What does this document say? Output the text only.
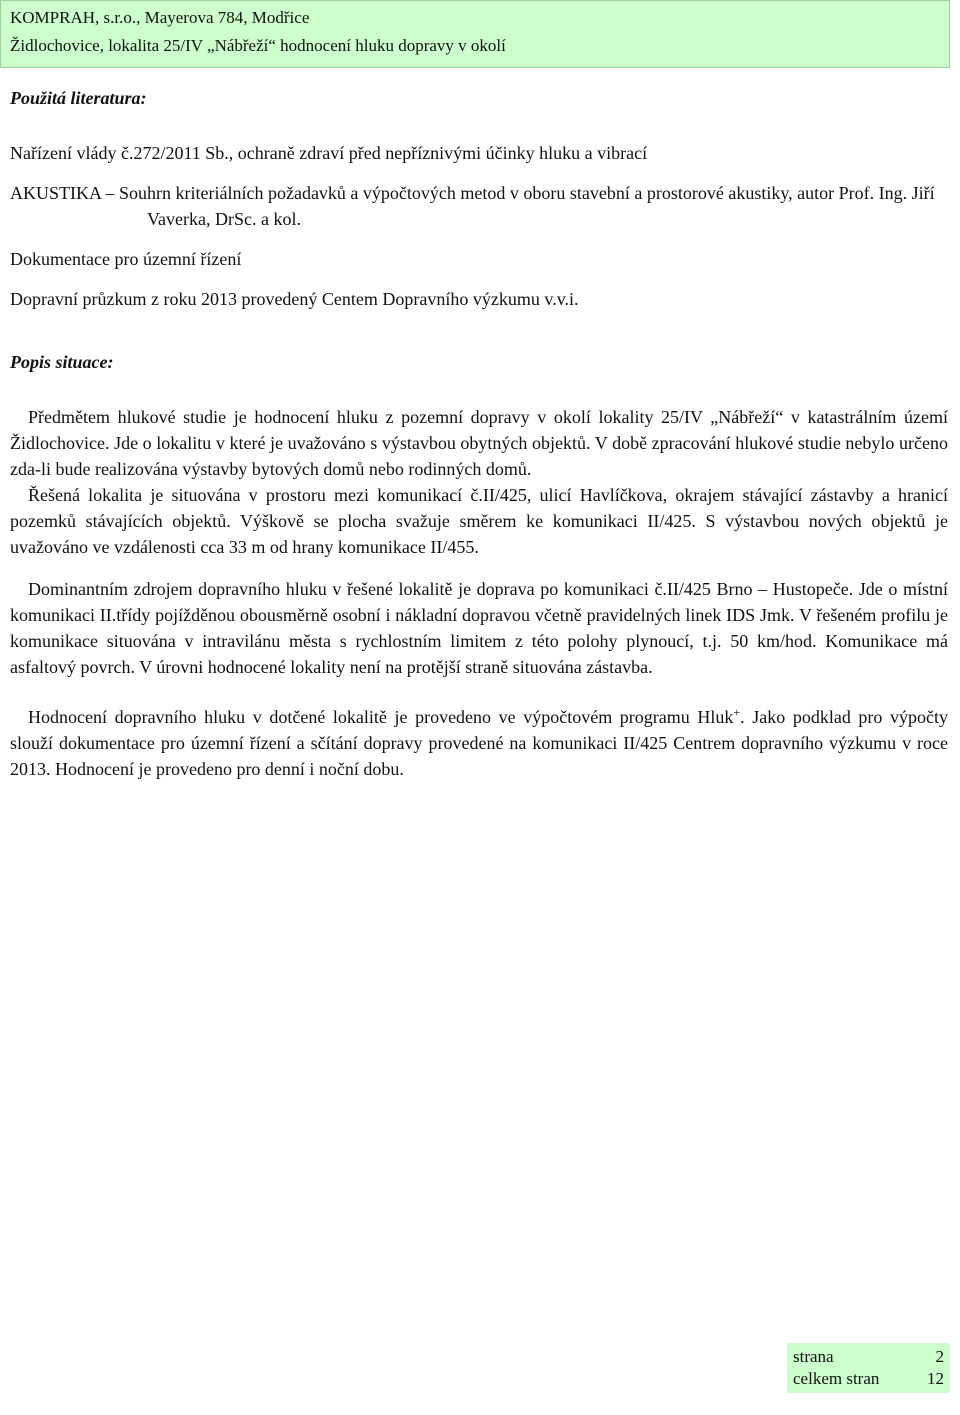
KOMPRAH, s.r.o., Mayerova 784, Modřice
Židlochovice, lokalita 25/IV „Nábřeží“ hodnocení hluku dopravy v okolí

Použitá literatura:

Nařízení vlády č.272/2011 Sb., ochraně zdraví před nepříznivými účinky hluku a vibrací

AKUSTIKA – Souhrn kriteriálních požadavků a výpočtových metod v oboru stavební a prostorové akustiky, autor Prof. Ing. Jiří Vaverka, DrSc. a kol.

Dokumentace pro územní řízení

Dopravní průzkum z roku 2013 provedený Centem Dopravního výzkumu v.v.i.

Popis situace:

Předmětem hlukové studie je hodnocení hluku z pozemní dopravy v okolí lokality 25/IV „Nábřeží“ v katastrálním území Židlochovice. Jde o lokalitu v které je uvažováno s výstavbou obytných objektů. V době zpracování hlukové studie nebylo určeno zda-li bude realizována výstavby bytových domů nebo rodinných domů.

Řešená lokalita je situována v prostoru mezi komunikací č.II/425, ulicí Havlíčkova, okrajem stávající zástavby a hranicí pozemků stávajících objektů. Výškově se plocha svažuje směrem ke komunikaci II/425. S výstavbou nových objektů je uvažováno ve vzdálenosti cca 33 m od hrany komunikace II/455.

Dominantním zdrojem dopravního hluku v řešené lokalitě je doprava po komunikaci č.II/425 Brno – Hustopeče. Jde o místní komunikaci II.třídy pojížděnou obousměrně osobní i nákladní dopravou včetně pravidelných linek IDS Jmk. V řešeném profilu je komunikace situována v intravilánu města s rychlostním limitem z této polohy plynoucí, t.j. 50 km/hod. Komunikace má asfaltový povrch. V úrovni hodnocené lokality není na protější straně situována zástavba.

Hodnocení dopravního hluku v dotčené lokalitě je provedeno ve výpočtovém programu Hluk+. Jako podklad pro výpočty slouží dokumentace pro územní řízení a sčítání dopravy provedené na komunikaci II/425 Centrem dopravního výzkumu v roce 2013. Hodnocení je provedeno pro denní i noční dobu.

strana	2
celkem stran	12
